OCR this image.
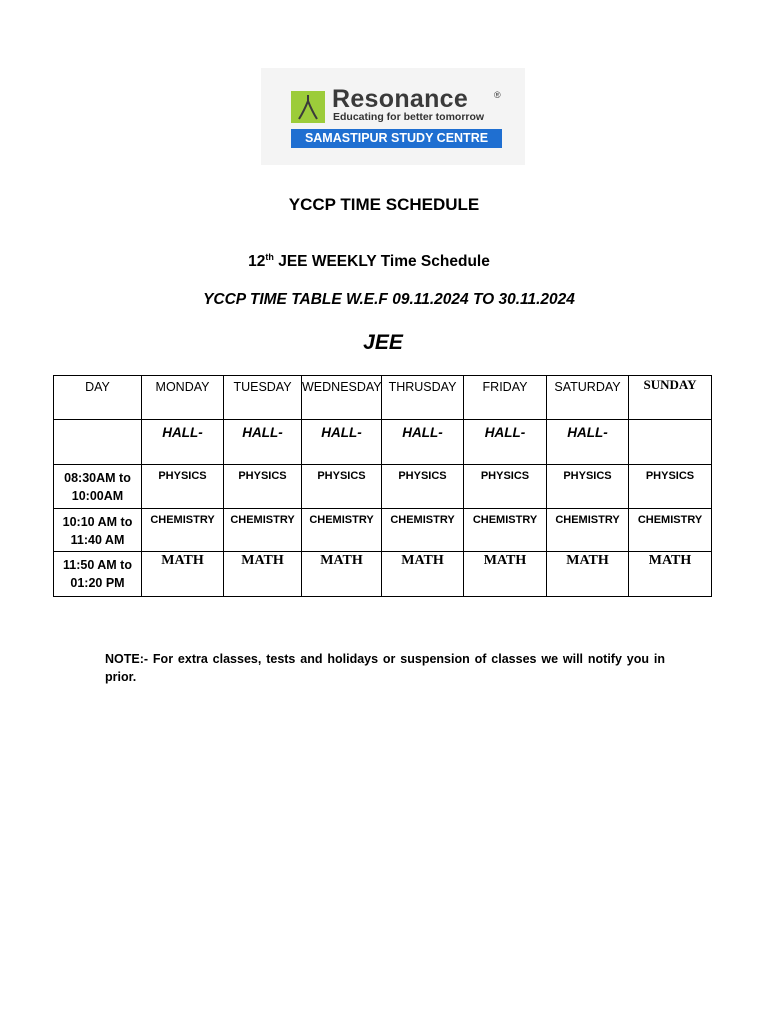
Resonance	®
Educating for better tomorrow
SAMASTIPUR STUDY CENTRE
YCCP TIME SCHEDULE
12th JEE WEEKLY Time Schedule
YCCP TIME TABLE W.E.F 09.11.2024 TO 30.11.2024
JEE
DAY	MONDAY	TUESDAY	WEDNESDAY	THRUSDAY	FRIDAY	SATURDAY	SUNDAY

	HALL-	HALL-	HALL-	HALL-	HALL-	HALL-	

08:30AM to 10:00AM	PHYSICS	PHYSICS	PHYSICS	PHYSICS	PHYSICS	PHYSICS	PHYSICS

10:10 AM to 11:40 AM	CHEMISTRY	CHEMISTRY	CHEMISTRY	CHEMISTRY	CHEMISTRY	CHEMISTRY	CHEMISTRY

11:50 AM to 01:20 PM	MATH	MATH	MATH	MATH	MATH	MATH	MATH
NOTE:- For extra classes, tests and holidays or suspension of classes we will notify you in prior.
